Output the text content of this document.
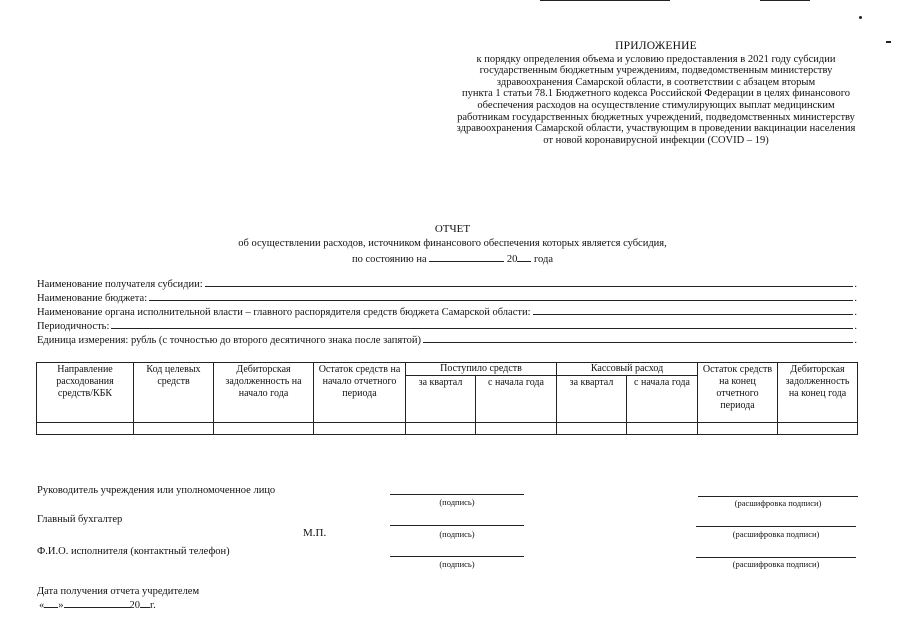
ПРИЛОЖЕНИЕ
к порядку определения объема и условию предоставления в 2021 году субсидии
государственным бюджетным учреждениям, подведомственным министерству
здравоохранения Самарской области, в соответствии с абзацем вторым
пункта 1 статьи 78.1 Бюджетного кодекса Российской Федерации в целях финансового
обеспечения расходов на осуществление стимулирующих выплат медицинским
работникам государственных бюджетных учреждений, подведомственных министерству
здравоохранения Самарской области, участвующим в проведении вакцинации населения
от новой коронавирусной инфекции (COVID – 19)
ОТЧЕТ
об осуществлении расходов, источником финансового обеспечения которых является субсидия,
по состоянию на	20 года
Наименование получателя субсидии:	.
Наименование бюджета:	.
Наименование органа исполнительной власти – главного распорядителя средств бюджета Самарской области:	.
Периодичность:	.
Единица измерения: рубль (с точностью до второго десятичного знака после запятой)	.
Направление расходования средств/КБК	Код целевых средств	Дебиторская задолженность на начало года	Остаток средств на начало отчетного периода	Поступило средств		Кассовый расход		Остаток средств на конец отчетного периода	Дебиторская задолженность на конец года
				за квартал	с начала года	за квартал	с начала года		

Руководитель учреждения или уполномоченное лицо
(подпись)	(расшифровка подписи)
Главный бухгалтер
М.П.	(подпись)	(расшифровка подписи)
Ф.И.О. исполнителя (контактный телефон)
(подпись)	(расшифровка подписи)
Дата получения отчета учредителем
« »	20 г.
